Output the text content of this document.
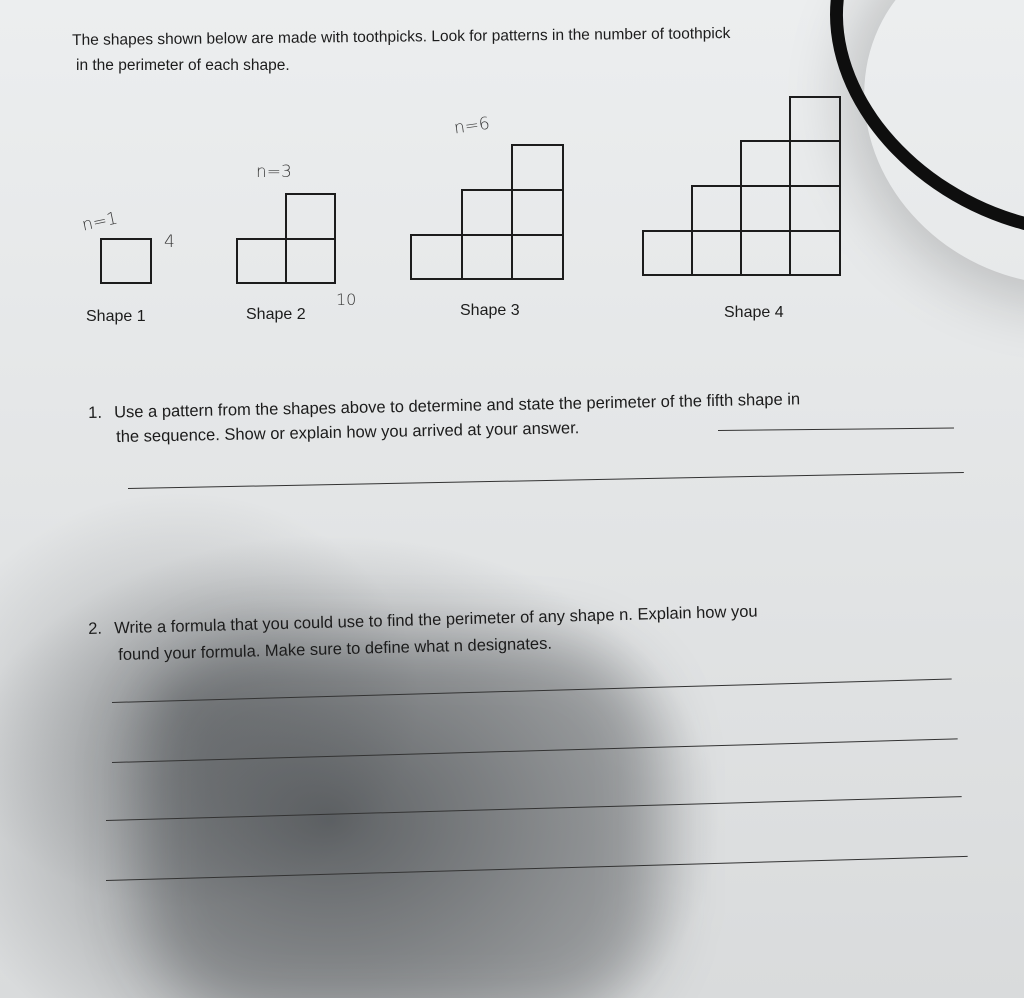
The shapes shown below are made with toothpicks. Look for patterns in the number of toothpick
in the perimeter of each shape.
Shape 1	Shape 2	Shape 3	Shape 4
n=1
4
n=3
10
n=6
1. Use a pattern from the shapes above to determine and state the perimeter of the fifth shape in
the sequence. Show or explain how you arrived at your answer.
2. Write a formula that you could use to find the perimeter of any shape n. Explain how you
found your formula. Make sure to define what n designates.
